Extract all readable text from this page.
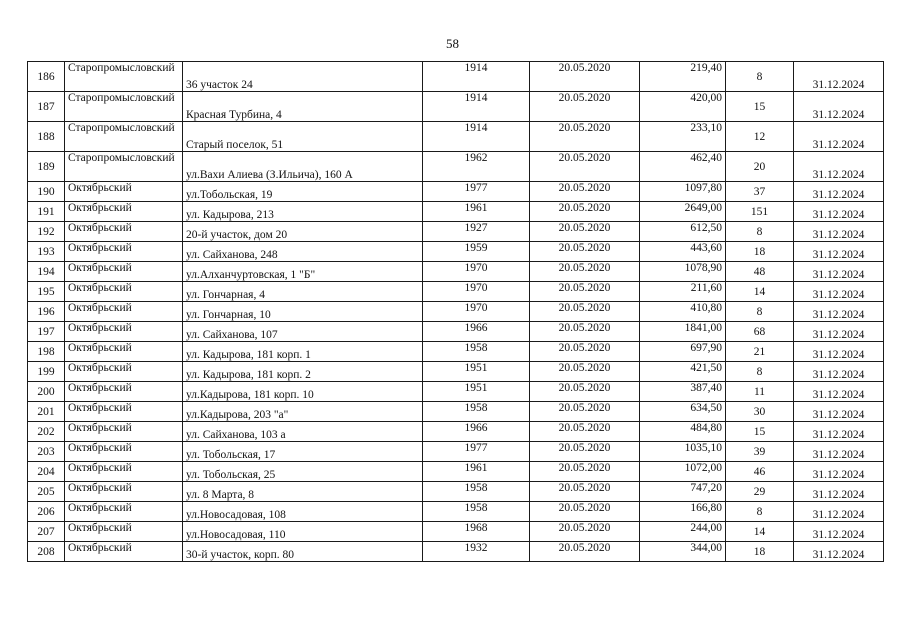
58
186	Старопромысловский	36 участок 24	1914	20.05.2020	219,40	8	31.12.2024
187	Старопромысловский	Красная Турбина, 4	1914	20.05.2020	420,00	15	31.12.2024
188	Старопромысловский	Старый поселок, 51	1914	20.05.2020	233,10	12	31.12.2024
189	Старопромысловский	ул.Вахи Алиева (З.Ильича), 160 А	1962	20.05.2020	462,40	20	31.12.2024
190	Октябрьский	ул.Тобольская, 19	1977	20.05.2020	1097,80	37	31.12.2024
191	Октябрьский	ул. Кадырова, 213	1961	20.05.2020	2649,00	151	31.12.2024
192	Октябрьский	20-й участок, дом 20	1927	20.05.2020	612,50	8	31.12.2024
193	Октябрьский	ул. Сайханова, 248	1959	20.05.2020	443,60	18	31.12.2024
194	Октябрьский	ул.Алханчуртовская, 1 "Б"	1970	20.05.2020	1078,90	48	31.12.2024
195	Октябрьский	ул. Гончарная, 4	1970	20.05.2020	211,60	14	31.12.2024
196	Октябрьский	ул. Гончарная, 10	1970	20.05.2020	410,80	8	31.12.2024
197	Октябрьский	ул. Сайханова, 107	1966	20.05.2020	1841,00	68	31.12.2024
198	Октябрьский	ул. Кадырова, 181 корп. 1	1958	20.05.2020	697,90	21	31.12.2024
199	Октябрьский	ул. Кадырова, 181 корп. 2	1951	20.05.2020	421,50	8	31.12.2024
200	Октябрьский	ул.Кадырова, 181 корп. 10	1951	20.05.2020	387,40	11	31.12.2024
201	Октябрьский	ул.Кадырова, 203 "а"	1958	20.05.2020	634,50	30	31.12.2024
202	Октябрьский	ул. Сайханова, 103 а	1966	20.05.2020	484,80	15	31.12.2024
203	Октябрьский	ул. Тобольская, 17	1977	20.05.2020	1035,10	39	31.12.2024
204	Октябрьский	ул. Тобольская, 25	1961	20.05.2020	1072,00	46	31.12.2024
205	Октябрьский	ул. 8 Марта, 8	1958	20.05.2020	747,20	29	31.12.2024
206	Октябрьский	ул.Новосадовая, 108	1958	20.05.2020	166,80	8	31.12.2024
207	Октябрьский	ул.Новосадовая, 110	1968	20.05.2020	244,00	14	31.12.2024
208	Октябрьский	30-й участок, корп. 80	1932	20.05.2020	344,00	18	31.12.2024
